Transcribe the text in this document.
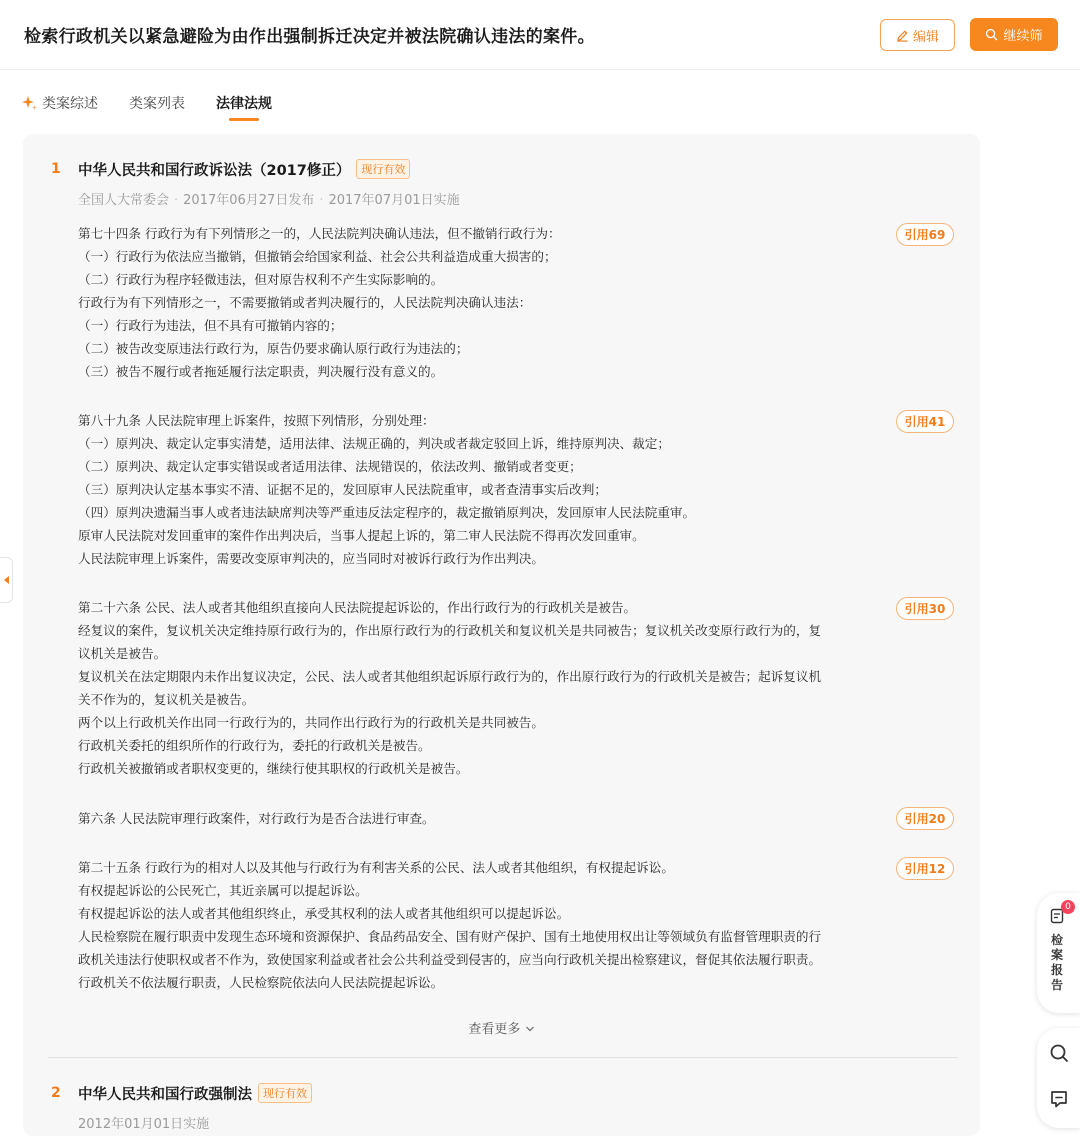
检索行政机关以紧急避险为由作出强制拆迁决定并被法院确认违法的案件。	编辑	继续筛
类案综述 类案列表 法律法规
1 中华人民共和国行政诉讼法（2017修正） 现行有效
全国人大常委会 · 2017年06月27日发布 · 2017年07月01日实施

第七十四条 行政行为有下列情形之一的，人民法院判决确认违法，但不撤销行政行为：

（一）行政行为依法应当撤销，但撤销会给国家利益、社会公共利益造成重大损害的；

（二）行政行为程序轻微违法，但对原告权利不产生实际影响的。

行政行为有下列情形之一，不需要撤销或者判决履行的，人民法院判决确认违法：

（一）行政行为违法，但不具有可撤销内容的；

（二）被告改变原违法行政行为，原告仍要求确认原行政行为违法的；

（三）被告不履行或者拖延履行法定职责，判决履行没有意义的。

引用69

第八十九条 人民法院审理上诉案件，按照下列情形，分别处理：

（一）原判决、裁定认定事实清楚，适用法律、法规正确的，判决或者裁定驳回上诉，维持原判决、裁定；

（二）原判决、裁定认定事实错误或者适用法律、法规错误的，依法改判、撤销或者变更；

（三）原判决认定基本事实不清、证据不足的，发回原审人民法院重审，或者查清事实后改判；

（四）原判决遗漏当事人或者违法缺席判决等严重违反法定程序的，裁定撤销原判决，发回原审人民法院重审。

原审人民法院对发回重审的案件作出判决后，当事人提起上诉的，第二审人民法院不得再次发回重审。

人民法院审理上诉案件，需要改变原审判决的，应当同时对被诉行政行为作出判决。

引用41

第二十六条 公民、法人或者其他组织直接向人民法院提起诉讼的，作出行政行为的行政机关是被告。

经复议的案件，复议机关决定维持原行政行为的，作出原行政行为的行政机关和复议机关是共同被告；复议机关改变原行政行为的，复

议机关是被告。

复议机关在法定期限内未作出复议决定，公民、法人或者其他组织起诉原行政行为的，作出原行政行为的行政机关是被告；起诉复议机

关不作为的，复议机关是被告。

两个以上行政机关作出同一行政行为的，共同作出行政行为的行政机关是共同被告。

行政机关委托的组织所作的行政行为，委托的行政机关是被告。

行政机关被撤销或者职权变更的，继续行使其职权的行政机关是被告。

引用30

第六条 人民法院审理行政案件，对行政行为是否合法进行审查。	引用20

第二十五条 行政行为的相对人以及其他与行政行为有利害关系的公民、法人或者其他组织，有权提起诉讼。

有权提起诉讼的公民死亡，其近亲属可以提起诉讼。

有权提起诉讼的法人或者其他组织终止，承受其权利的法人或者其他组织可以提起诉讼。

人民检察院在履行职责中发现生态环境和资源保护、食品药品安全、国有财产保护、国有土地使用权出让等领域负有监督管理职责的行

政机关违法行使职权或者不作为，致使国家利益或者社会公共利益受到侵害的，应当向行政机关提出检察建议，督促其依法履行职责。

行政机关不依法履行职责，人民检察院依法向人民法院提起诉讼。

引用12
查看更多
2 中华人民共和国行政强制法 现行有效
2012年01月01日实施
0
检案报告
